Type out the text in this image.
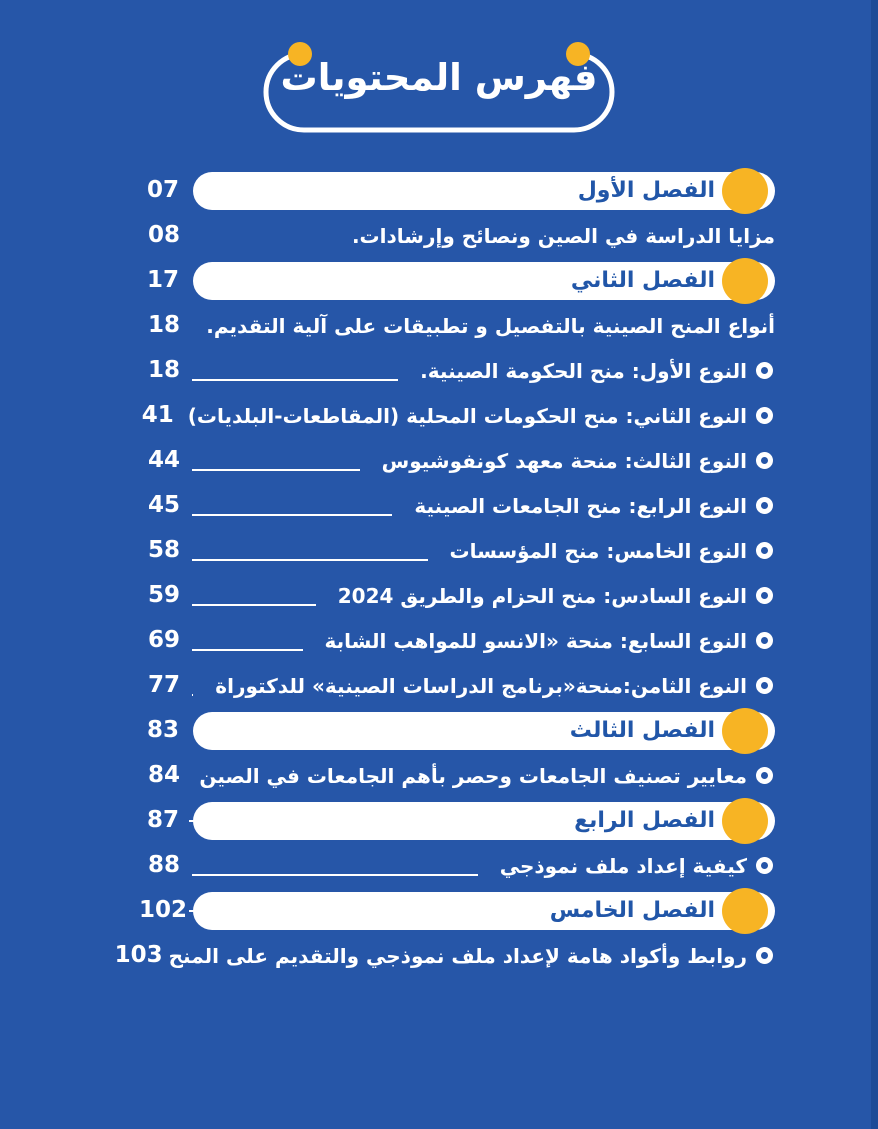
فهرس المحتويات
الفصل الأول
07
مزايا الدراسة في الصين ونصائح وإرشادات.
08
الفصل الثاني
17
أنواع المنح الصينية بالتفصيل و تطبيقات على آلية التقديم.
18
النوع الأول: منح الحكومة الصينية.
18
النوع الثاني: منح الحكومات المحلية (المقاطعات-البلديات)
41
النوع الثالث: منحة معهد كونفوشيوس
44
النوع الرابع: منح الجامعات الصينية
45
النوع الخامس: منح المؤسسات
58
النوع السادس: منح الحزام والطريق 2024
59
النوع السابع: منحة «الانسو للمواهب الشابة
69
النوع الثامن:منحة«برنامج الدراسات الصينية» للدكتوراة
77
الفصل الثالث
83
معايير تصنيف الجامعات وحصر بأهم الجامعات في الصين
84
الفصل الرابع
87
كيفية إعداد ملف نموذجي
88
الفصل الخامس
102
روابط وأكواد هامة لإعداد ملف نموذجي والتقديم على المنح
103
